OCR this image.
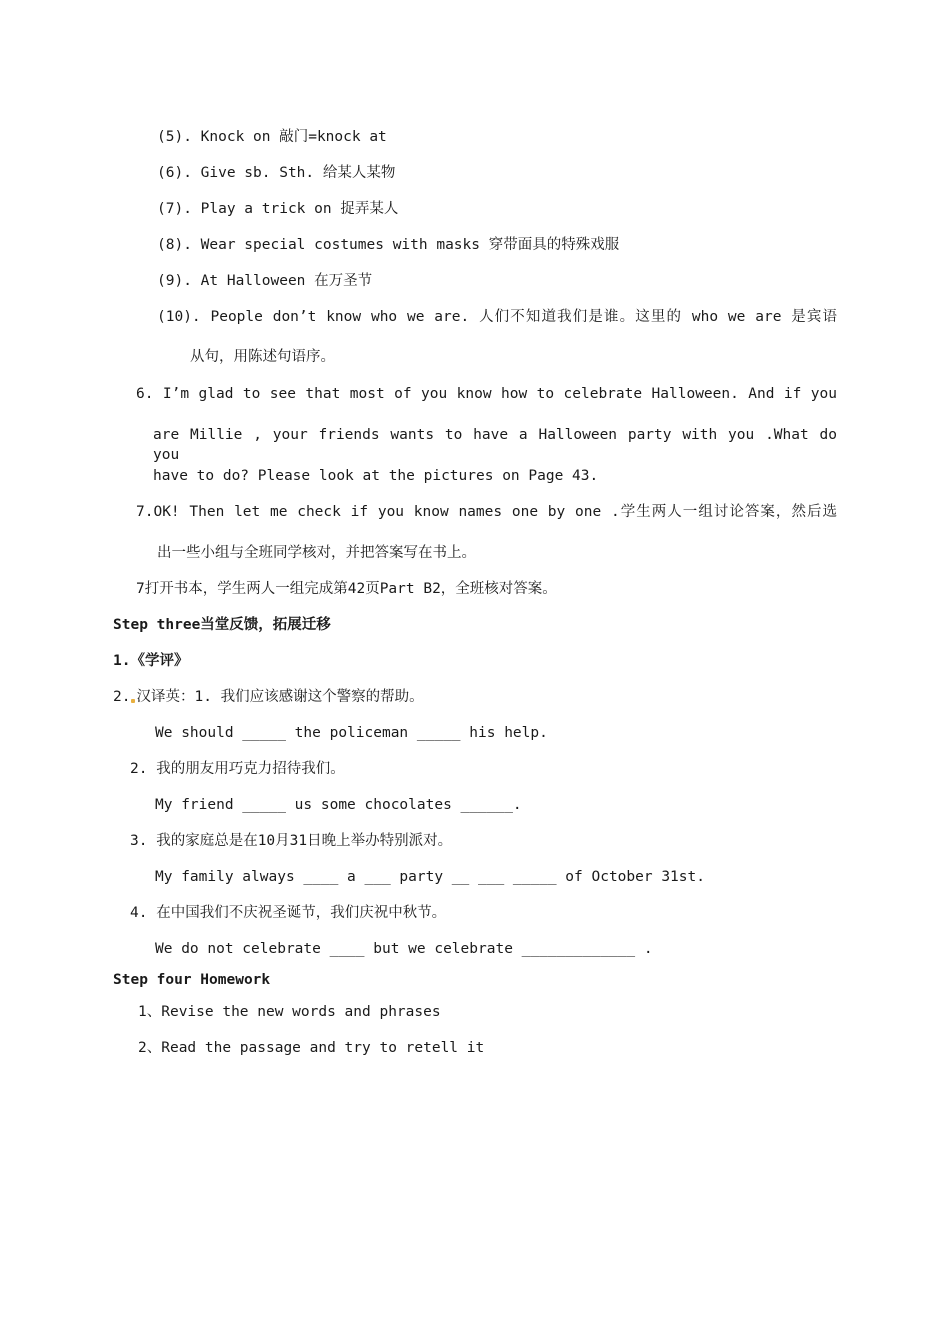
(5). Knock on 敲门=knock at
(6). Give sb. Sth. 给某人某物
(7). Play a trick on 捉弄某人
(8). Wear special costumes with masks 穿带面具的特殊戏服
(9). At Halloween 在万圣节
(10). People don’t know who we are. 人们不知道我们是谁。这里的 who we are 是宾语
从句，用陈述句语序。
6. I’m glad to see that most of you know how to celebrate Halloween. And if you
are Millie , your friends wants to have a Halloween party with you .What do you
have to do? Please look at the pictures on Page 43.
7.OK! Then let me check if you know names one by one .学生两人一组讨论答案，然后选
出一些小组与全班同学核对，并把答案写在书上。
7打开书本，学生两人一组完成第42页Part B2，全班核对答案。
Step three当堂反馈，拓展迁移
1.《学评》
2. 汉译英：1. 我们应该感谢这个警察的帮助。
We should _____ the policeman _____ his help.
2. 我的朋友用巧克力招待我们。
My friend _____ us some chocolates ______.
3. 我的家庭总是在10月31日晚上举办特别派对。
My family always ____ a ___ party __ ___ _____ of October 31st.
4. 在中国我们不庆祝圣诞节，我们庆祝中秋节。
We do not celebrate ____ but we celebrate _____________ .
Step four Homework
1、Revise the new words and phrases
2、Read the passage and try to retell it
